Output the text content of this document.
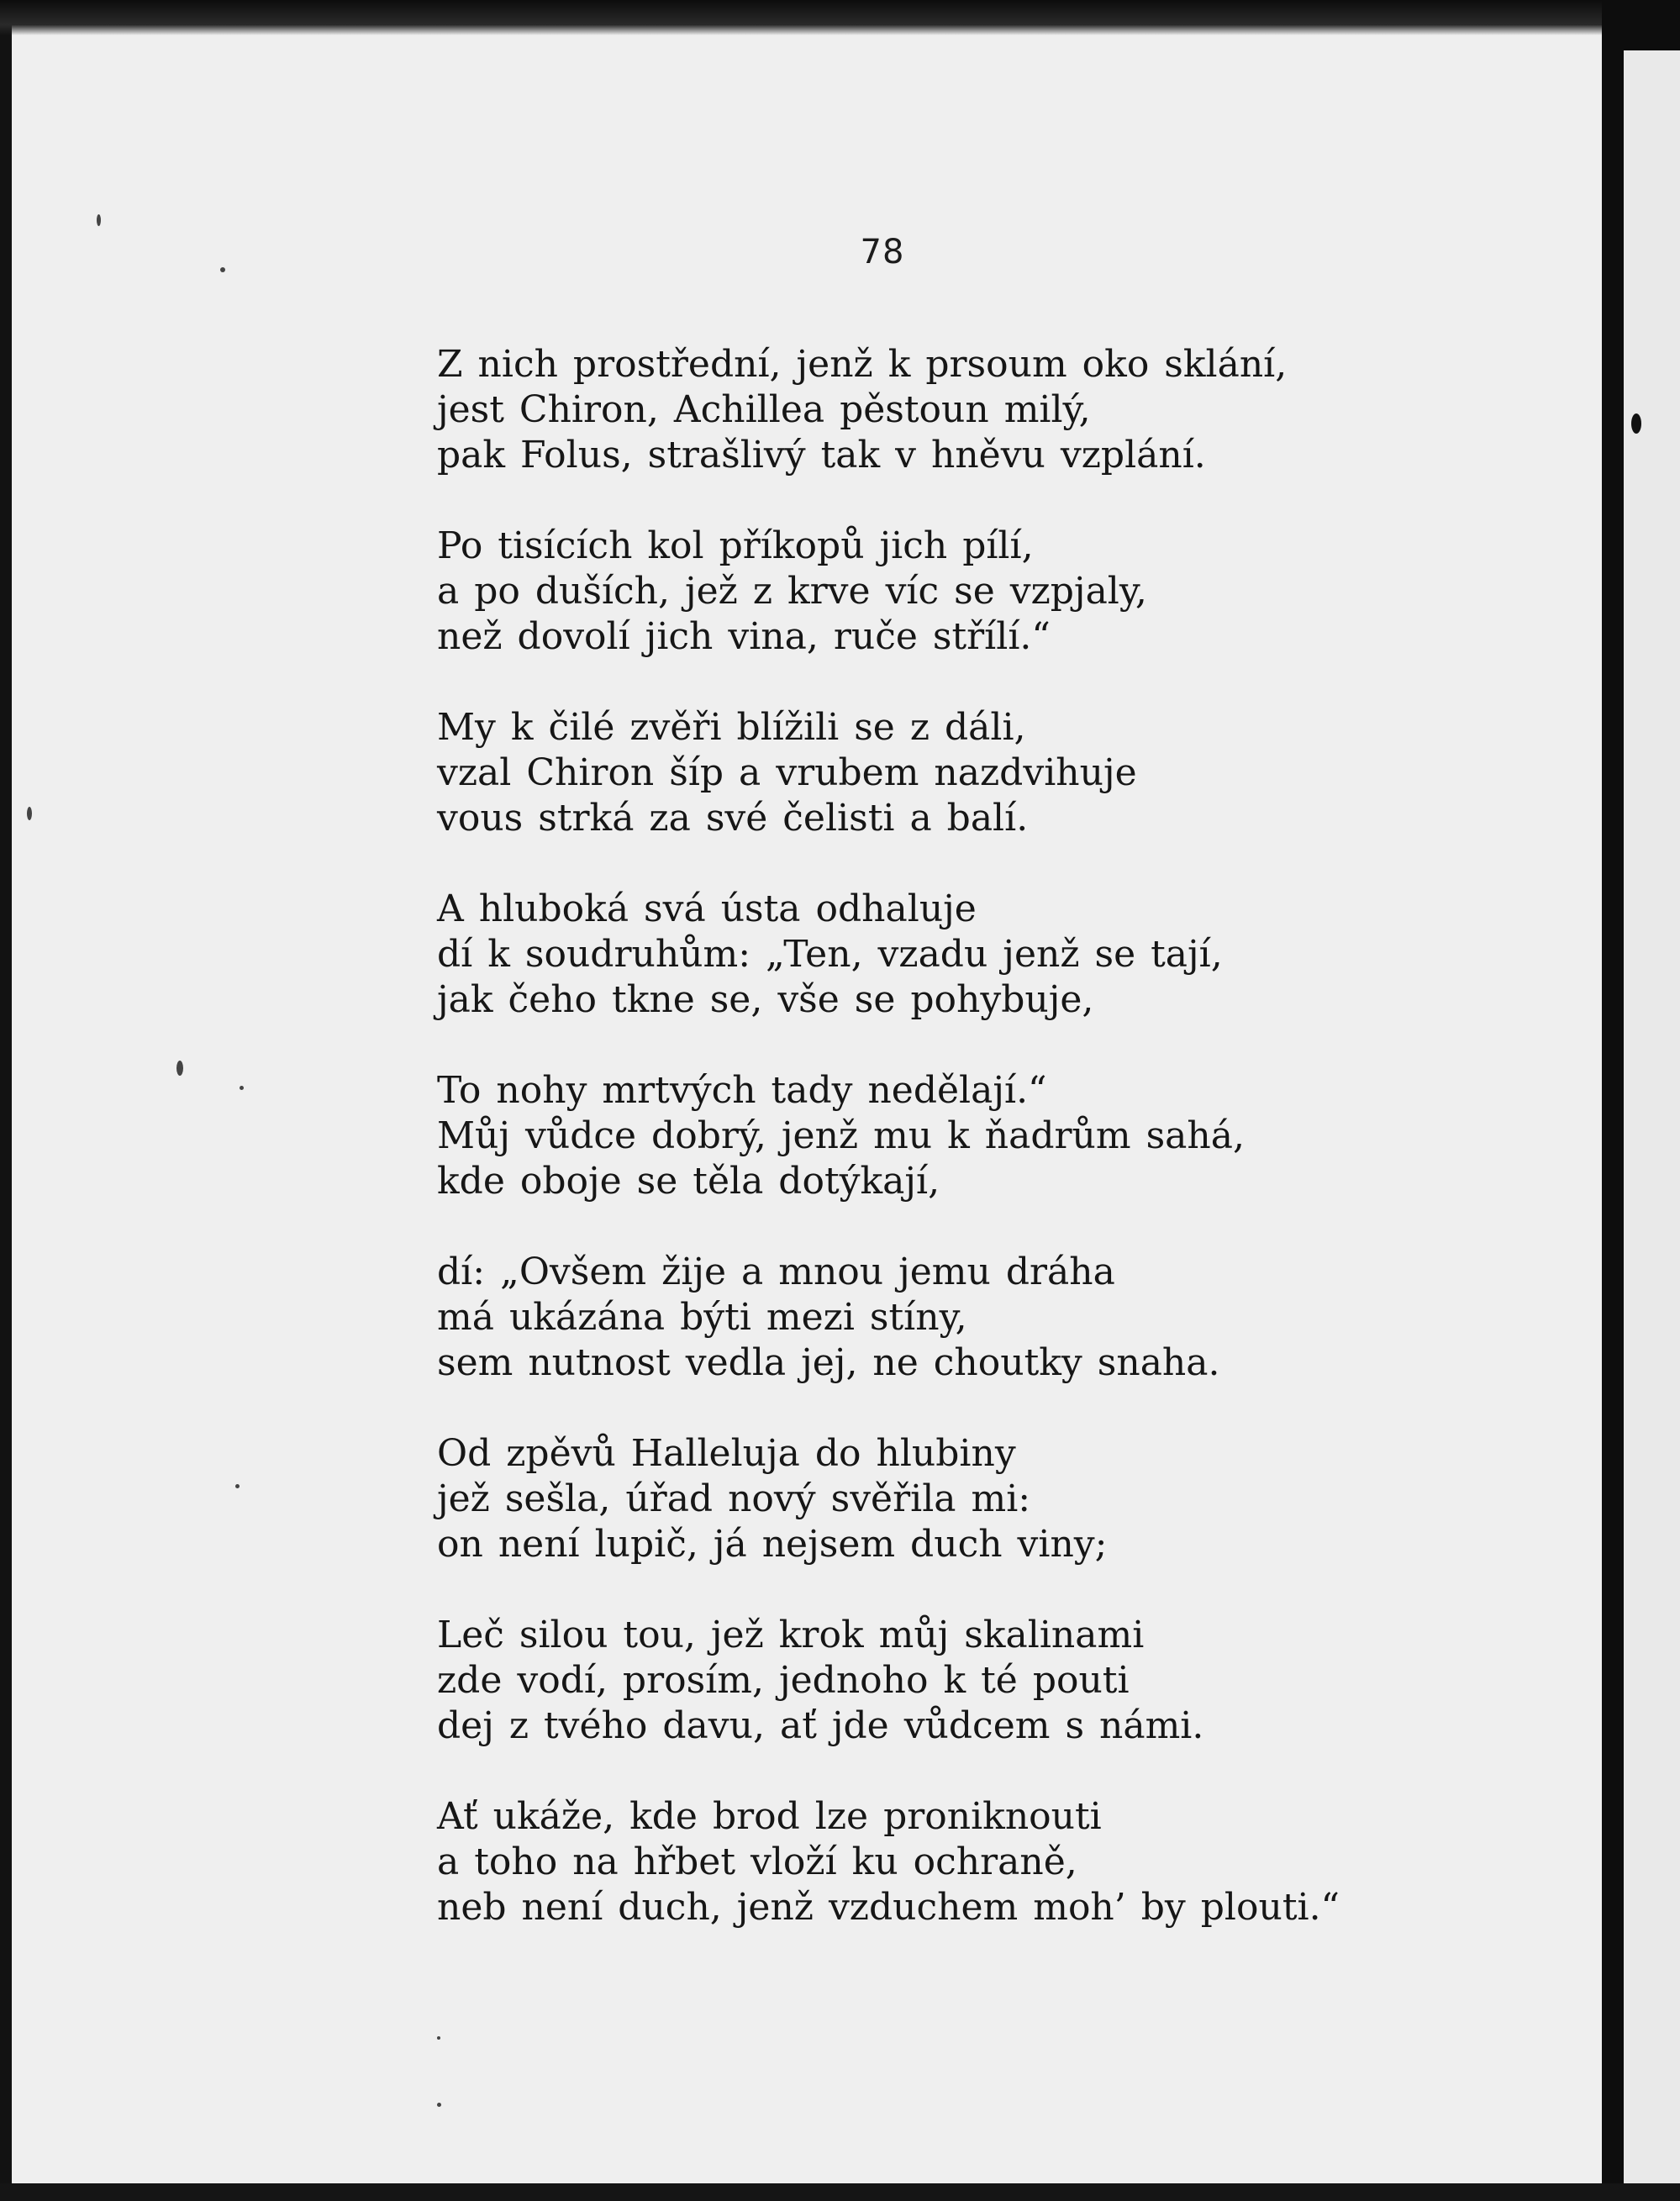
78
Z nich prostřední, jenž k prsoum oko sklání,
jest Chiron, Achillea pěstoun milý,
pak Folus, strašlivý tak v hněvu vzplání.
Po tisících kol příkopů jich pílí,
a po duších, jež z krve víc se vzpjaly,
než dovolí jich vina, ruče střílí.“
My k čilé zvěři blížili se z dáli,
vzal Chiron šíp a vrubem nazdvihuje
vous strká za své čelisti a balí.
A hluboká svá ústa odhaluje
dí k soudruhům: „Ten, vzadu jenž se tají,
jak čeho tkne se, vše se pohybuje,
To nohy mrtvých tady nedělají.“
Můj vůdce dobrý, jenž mu k ňadrům sahá,
kde oboje se těla dotýkají,
dí: „Ovšem žije a mnou jemu dráha
má ukázána býti mezi stíny,
sem nutnost vedla jej, ne choutky snaha.
Od zpěvů Halleluja do hlubiny
jež sešla, úřad nový svěřila mi:
on není lupič, já nejsem duch viny;
Leč silou tou, jež krok můj skalinami
zde vodí, prosím, jednoho k té pouti
dej z tvého davu, ať jde vůdcem s námi.
Ať ukáže, kde brod lze proniknouti
a toho na hřbet vloží ku ochraně,
neb není duch, jenž vzduchem moh’ by plouti.“
